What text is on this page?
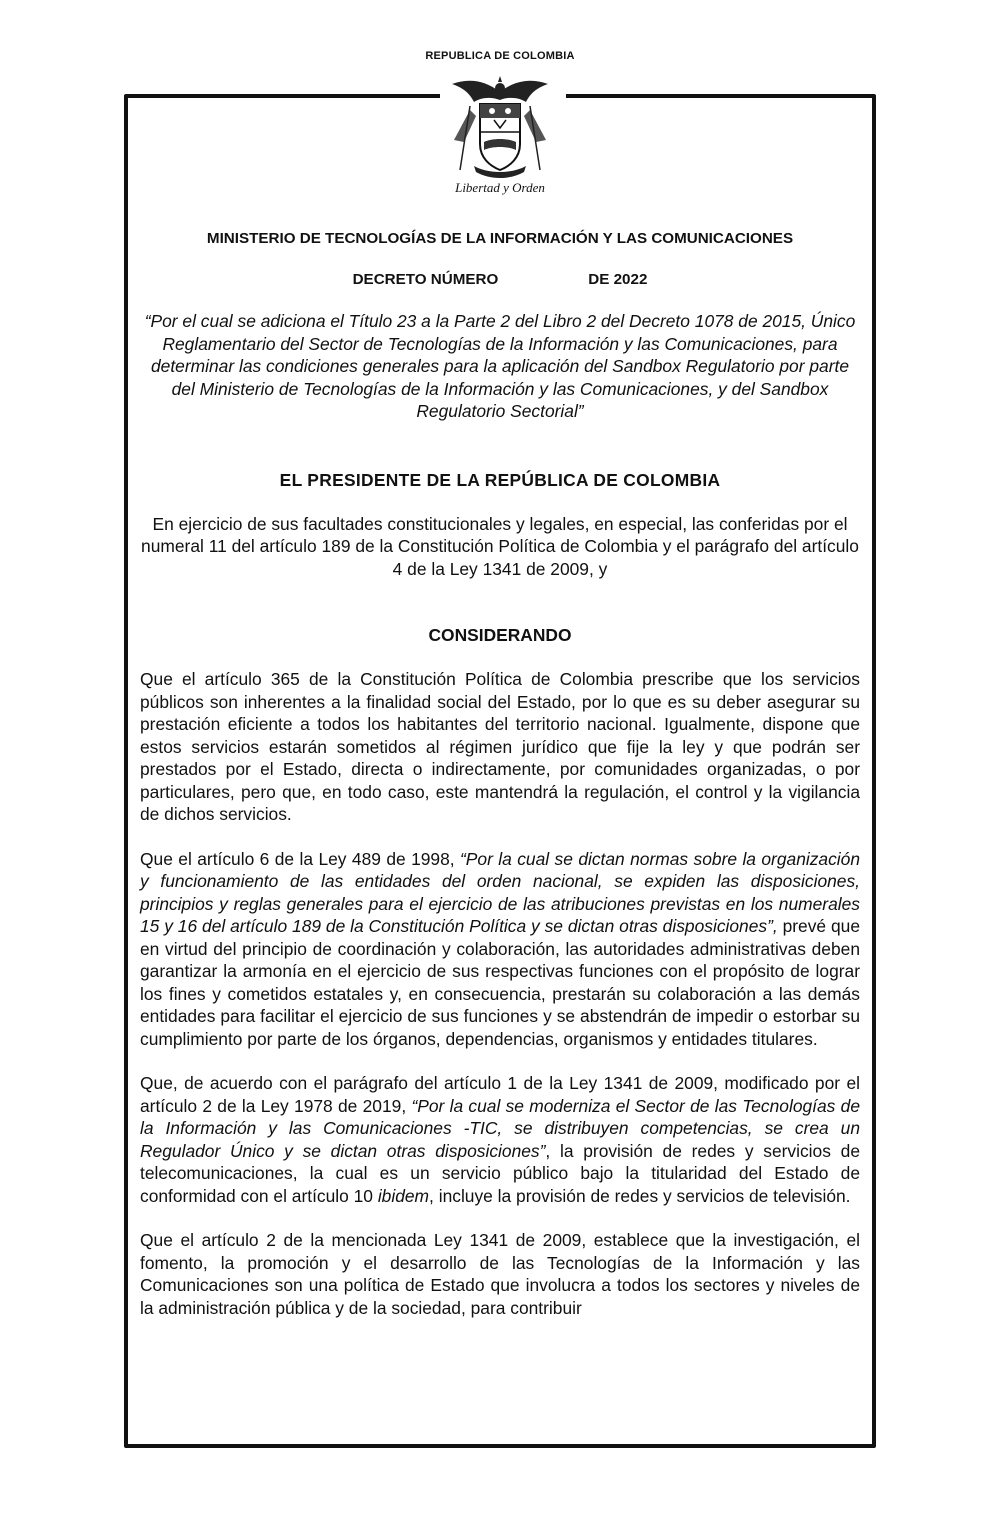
REPUBLICA DE COLOMBIA
Libertad y Orden

MINISTERIO DE TECNOLOGÍAS DE LA INFORMACIÓN Y LAS COMUNICACIONES

DECRETO NÚMERO	DE 2022

“Por el cual se adiciona el Título 23 a la Parte 2 del Libro 2 del Decreto 1078 de 2015, Único Reglamentario del Sector de Tecnologías de la Información y las Comunicaciones, para determinar las condiciones generales para la aplicación del Sandbox Regulatorio por parte del Ministerio de Tecnologías de la Información y las Comunicaciones, y del Sandbox Regulatorio Sectorial”

EL PRESIDENTE DE LA REPÚBLICA DE COLOMBIA

En ejercicio de sus facultades constitucionales y legales, en especial, las conferidas por el numeral 11 del artículo 189 de la Constitución Política de Colombia y el parágrafo del artículo 4 de la Ley 1341 de 2009, y

CONSIDERANDO

Que el artículo 365 de la Constitución Política de Colombia prescribe que los servicios públicos son inherentes a la finalidad social del Estado, por lo que es su deber asegurar su prestación eficiente a todos los habitantes del territorio nacional. Igualmente, dispone que estos servicios estarán sometidos al régimen jurídico que fije la ley y que podrán ser prestados por el Estado, directa o indirectamente, por comunidades organizadas, o por particulares, pero que, en todo caso, este mantendrá la regulación, el control y la vigilancia de dichos servicios.

Que el artículo 6 de la Ley 489 de 1998, “Por la cual se dictan normas sobre la organización y funcionamiento de las entidades del orden nacional, se expiden las disposiciones, principios y reglas generales para el ejercicio de las atribuciones previstas en los numerales 15 y 16 del artículo 189 de la Constitución Política y se dictan otras disposiciones”, prevé que en virtud del principio de coordinación y colaboración, las autoridades administrativas deben garantizar la armonía en el ejercicio de sus respectivas funciones con el propósito de lograr los fines y cometidos estatales y, en consecuencia, prestarán su colaboración a las demás entidades para facilitar el ejercicio de sus funciones y se abstendrán de impedir o estorbar su cumplimiento por parte de los órganos, dependencias, organismos y entidades titulares.

Que, de acuerdo con el parágrafo del artículo 1 de la Ley 1341 de 2009, modificado por el artículo 2 de la Ley 1978 de 2019, “Por la cual se moderniza el Sector de las Tecnologías de la Información y las Comunicaciones -TIC, se distribuyen competencias, se crea un Regulador Único y se dictan otras disposiciones”, la provisión de redes y servicios de telecomunicaciones, la cual es un servicio público bajo la titularidad del Estado de conformidad con el artículo 10 ibidem, incluye la provisión de redes y servicios de televisión.

Que el artículo 2 de la mencionada Ley 1341 de 2009, establece que la investigación, el fomento, la promoción y el desarrollo de las Tecnologías de la Información y las Comunicaciones son una política de Estado que involucra a todos los sectores y niveles de la administración pública y de la sociedad, para contribuir
